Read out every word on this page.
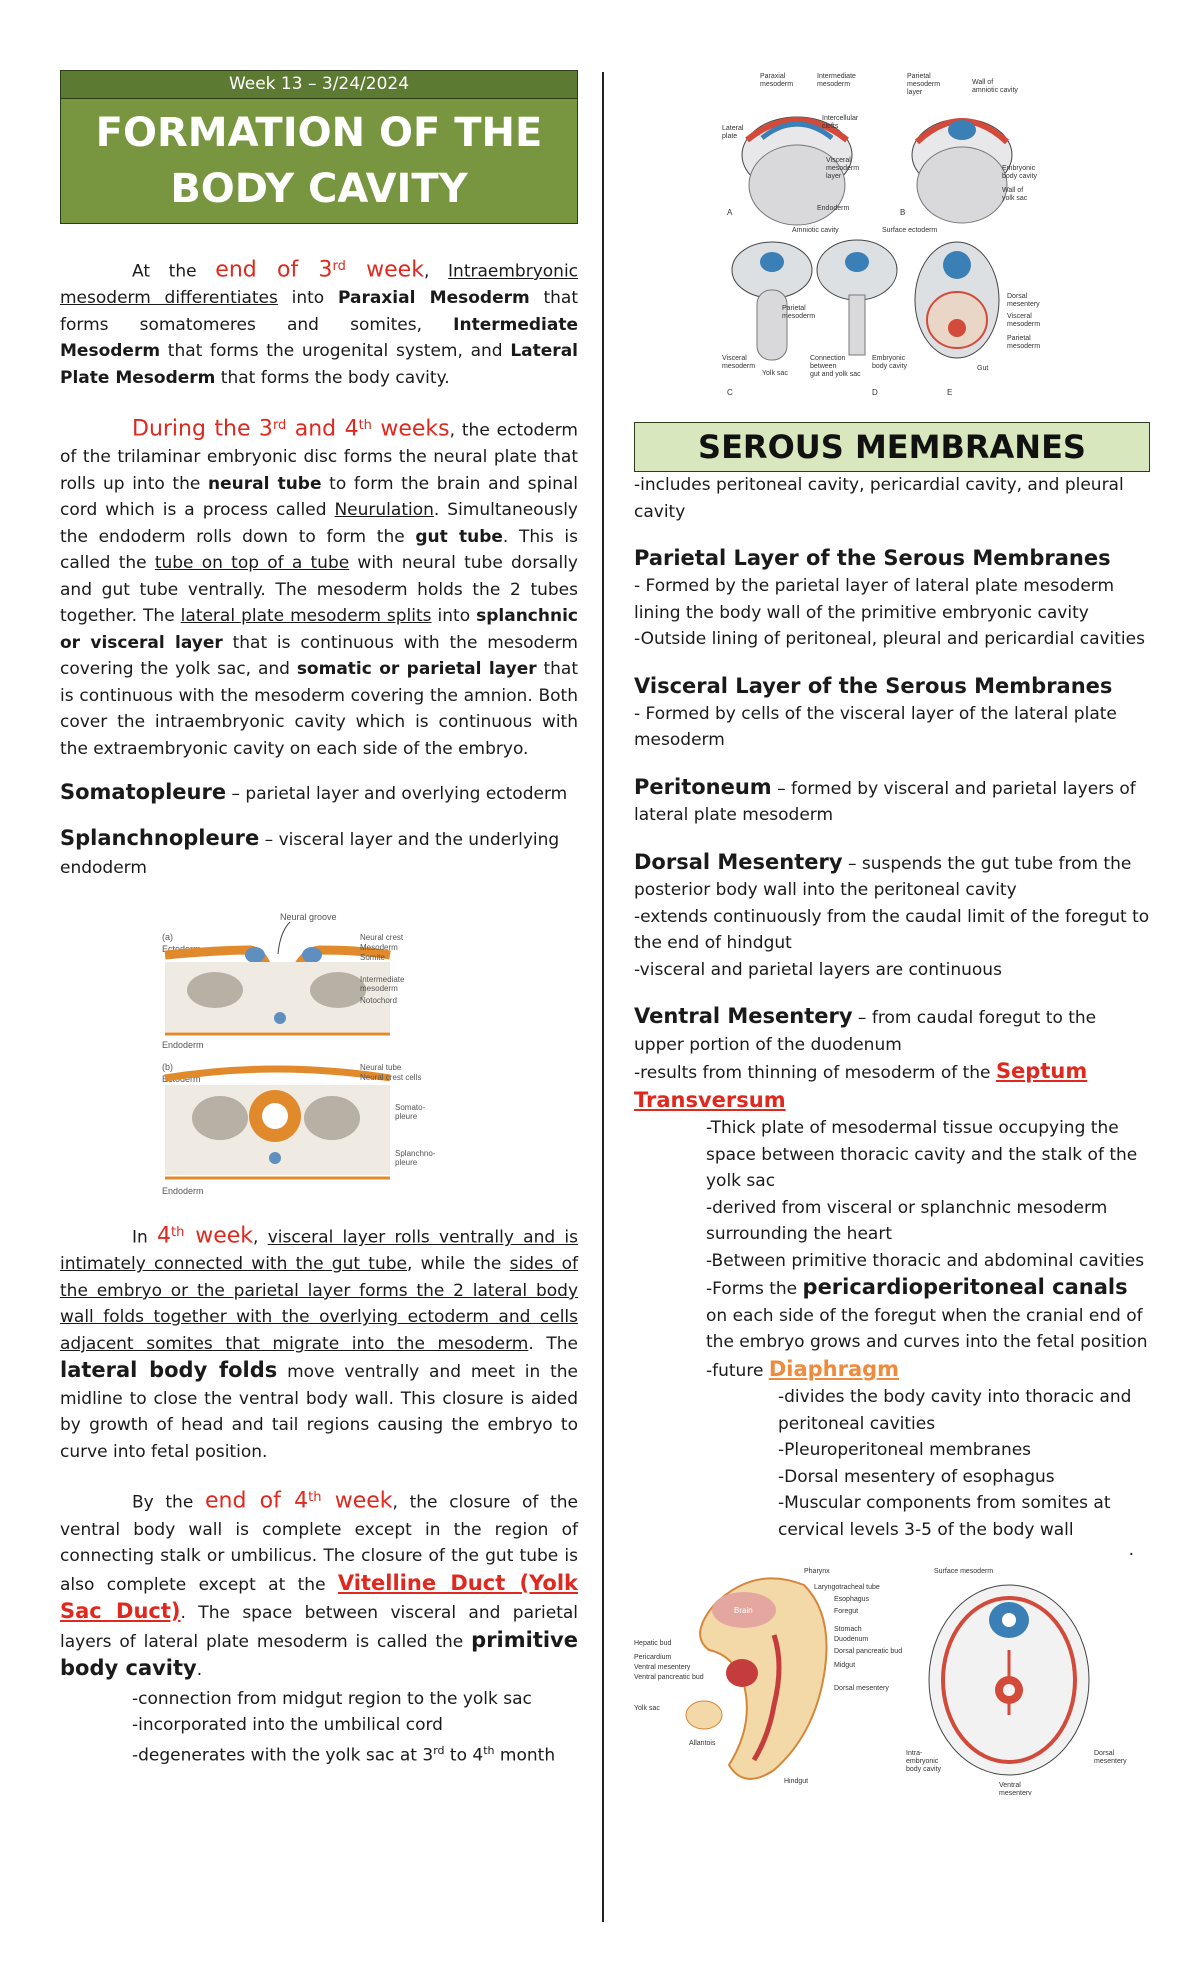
Week 13 – 3/24/2024
FORMATION OF THE BODY CAVITY

At the end of 3rd week, Intraembryonic mesoderm differentiates into Paraxial Mesoderm that forms somatomeres and somites, Intermediate Mesoderm that forms the urogenital system, and Lateral Plate Mesoderm that forms the body cavity.

During the 3rd and 4th weeks, the ectoderm of the trilaminar embryonic disc forms the neural plate that rolls up into the neural tube to form the brain and spinal cord which is a process called Neurulation. Simultaneously the endoderm rolls down to form the gut tube. This is called the tube on top of a tube with neural tube dorsally and gut tube ventrally. The mesoderm holds the 2 tubes together. The lateral plate mesoderm splits into splanchnic or visceral layer that is continuous with the mesoderm covering the yolk sac, and somatic or parietal layer that is continuous with the mesoderm covering the amnion. Both cover the intraembryonic cavity which is continuous with the extraembryonic cavity on each side of the embryo.

Somatopleure – parietal layer and overlying ectoderm

Splanchnopleure – visceral layer and the underlying endoderm

Neural groove
(a)
Ectoderm
Neural crest
Mesoderm
Somite
Intermediate
mesoderm
Notochord
Endoderm
(b)
Ectoderm
Neural tube
Neural crest cells
Somato-
pleure
Splanchno-
pleure
Endoderm

In 4th week, visceral layer rolls ventrally and is intimately connected with the gut tube, while the sides of the embryo or the parietal layer forms the 2 lateral body wall folds together with the overlying ectoderm and cells adjacent somites that migrate into the mesoderm. The lateral body folds move ventrally and meet in the midline to close the ventral body wall. This closure is aided by growth of head and tail regions causing the embryo to curve into fetal position.

By the end of 4th week, the closure of the ventral body wall is complete except in the region of connecting stalk or umbilicus. The closure of the gut tube is also complete except at the Vitelline Duct (Yolk Sac Duct). The space between visceral and parietal layers of lateral plate mesoderm is called the primitive body cavity.

-connection from midgut region to the yolk sac
-incorporated into the umbilical cord
-degenerates with the yolk sac at 3rd to 4th month
Paraxial
mesoderm
Intermediate
mesoderm
Lateral
plate
Intercellular
clefts
Visceral
mesoderm
layer
Endoderm
A
Parietal
mesoderm
layer
Wall of
amniotic cavity
Embryonic
body cavity
Wall of
yolk sac
B
Visceral
mesoderm
Parietal
mesoderm
Yolk sac
C
Amniotic cavity
Connection
between
gut and yolk sac
Embryonic
body cavity
D
Surface ectoderm
Dorsal
mesentery
Visceral
mesoderm
Parietal
mesoderm
Gut
E
SEROUS MEMBRANES

-includes peritoneal cavity, pericardial cavity, and pleural cavity

Parietal Layer of the Serous Membranes

- Formed by the parietal layer of lateral plate mesoderm lining the body wall of the primitive embryonic cavity

-Outside lining of peritoneal, pleural and pericardial cavities

Visceral Layer of the Serous Membranes

- Formed by cells of the visceral layer of the lateral plate mesoderm

Peritoneum – formed by visceral and parietal layers of lateral plate mesoderm

Dorsal Mesentery – suspends the gut tube from the posterior body wall into the peritoneal cavity

-extends continuously from the caudal limit of the foregut to the end of hindgut

-visceral and parietal layers are continuous

Ventral Mesentery – from caudal foregut to the upper portion of the duodenum

-results from thinning of mesoderm of the Septum Transversum

-Thick plate of mesodermal tissue occupying the space between thoracic cavity and the stalk of the yolk sac

-derived from visceral or splanchnic mesoderm surrounding the heart

-Between primitive thoracic and abdominal cavities

-Forms the pericardioperitoneal canals on each side of the foregut when the cranial end of the embryo grows and curves into the fetal position

-future Diaphragm

-divides the body cavity into thoracic and peritoneal cavities

-Pleuroperitoneal membranes

-Dorsal mesentery of esophagus

-Muscular components from somites at cervical levels 3-5 of the body wall

.

Brain
Pharynx
Laryngotracheal tube
Esophagus
Foregut
Hepatic bud
Pericardium
Ventral mesentery
Ventral pancreatic bud
Stomach
Duodenum
Dorsal pancreatic bud
Midgut
Yolk sac
Dorsal mesentery
Allantois
Hindgut
Surface mesoderm
Intra-
embryonic
body cavity
Ventral
mesentery
Dorsal
mesentery
